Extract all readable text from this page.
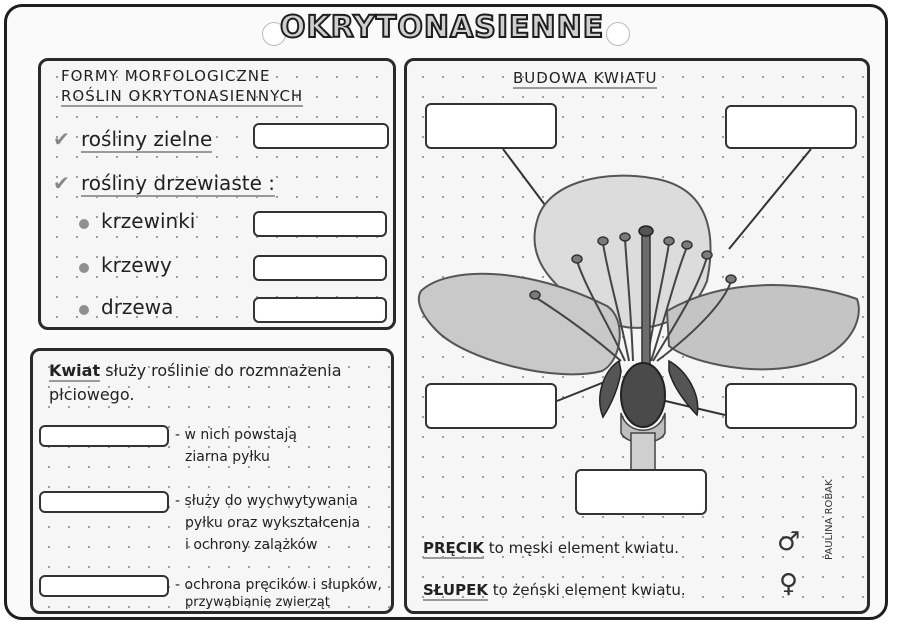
OKRYTONASIENNE
FORMY MORFOLOGICZNE
ROŚLIN OKRYTONASIENNYCH
✔ rośliny zielne
✔ rośliny drzewiaste :
krzewinki
krzewy
drzewa
Kwiat służy roślinie do rozmnażenia
płciowego.
- w nich powstają
ziarna pyłku
- służy do wychwytywania
pyłku oraz wykształcenia
i ochrony zalążków
- ochrona pręcików i słupków,
przywabianie zwierząt
BUDOWA KWIATU
PRĘCIK to męski element kwiatu.	♂
SŁUPEK to żeński element kwiatu.	♀
PAULINA ROBAK
